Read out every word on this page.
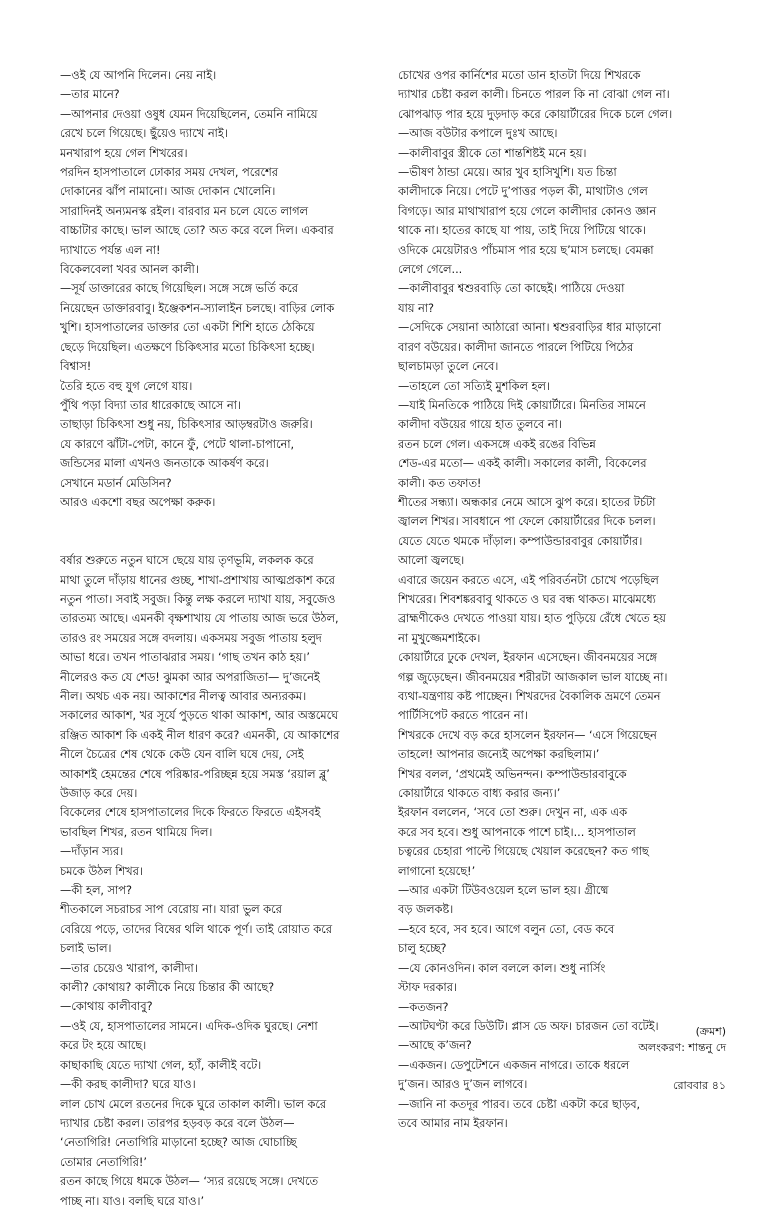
—ওই যে আপনি দিলেন। নেয় নাই।

—তার মানে?

—আপনার দেওয়া ওষুধ যেমন দিয়েছিলেন, তেমনি নামিয়ে

রেখে চলে গিয়েছে। ছুঁয়েও দ্যাখে নাই।

মনখারাপ হয়ে গেল শিখরের।

পরদিন হাসপাতালে ঢোকার সময় দেখল, পরেশের

দোকানের ঝাঁপ নামানো। আজ দোকান খোলেনি।

সারাদিনই অন্যমনস্ক রইল। বারবার মন চলে যেতে লাগল

বাচ্চাটার কাছে। ভাল আছে তো? অত করে বলে দিল। একবার

দ্যাখাতে পর্যন্ত এল না!

বিকেলবেলা খবর আনল কালী।

—সূর্য ডাক্তারের কাছে গিয়েছিল। সঙ্গে সঙ্গে ভর্তি করে

নিয়েছেন ডাক্তারবাবু। ইঞ্জেকশন-স্যালাইন চলছে। বাড়ির লোক

খুশি। হাসপাতালের ডাক্তার তো একটা শিশি হাতে ঠেকিয়ে

ছেড়ে দিয়েছিল। এতক্ষণে চিকিৎসার মতো চিকিৎসা হচ্ছে।

বিশ্বাস!

তৈরি হতে বহু যুগ লেগে যায়।

পুঁথি পড়া বিদ্যা তার ধারেকাছে আসে না।

তাছাড়া চিকিৎসা শুধু নয়, চিকিৎসার আড়ম্বরটাও জরুরি।

যে কারণে ঝাঁটা-পেটা, কানে ফুঁ, পেটে থালা-চাপানো,

জন্ডিসের মালা এখনও জনতাকে আকর্ষণ করে।

সেখানে মডার্ন মেডিসিন?

আরও একশো বছর অপেক্ষা করুক।

বর্ষার শুরুতে নতুন ঘাসে ছেয়ে যায় তৃণভূমি, লকলক করে

মাথা তুলে দাঁড়ায় ধানের গুচ্ছ, শাখা-প্রশাখায় আত্মপ্রকাশ করে

নতুন পাতা। সবাই সবুজ। কিন্তু লক্ষ করলে দ্যাখা যায়, সবুজেও

তারতম্য আছে। এমনকী বৃক্ষশাখায় যে পাতায় আজ ভরে উঠল,

তারও রং সময়ের সঙ্গে বদলায়। একসময় সবুজ পাতায় হলুদ

আভা ধরে। তখন পাতাঝরার সময়। ‘গাছ তখন কাঠ হয়।’

নীলেরও কত যে শেড! ঝুমকা আর অপরাজিতা— দু’জনেই

নীল। অথচ এক নয়। আকাশের নীলত্ব আবার অন্যরকম।

সকালের আকাশ, খর সূর্যে পুড়তে থাকা আকাশ, আর অস্তমেঘে

রঞ্জিত আকাশ কি একই নীল ধারণ করে? এমনকী, যে আকাশের

নীলে চৈত্রের শেষ থেকে কেউ যেন বালি ঘষে দেয়, সেই

আকাশই হেমন্তের শেষে পরিষ্কার-পরিচ্ছন্ন হয়ে সমস্ত ‘রয়াল ব্লু’

উজাড় করে দেয়।

বিকেলের শেষে হাসপাতালের দিকে ফিরতে ফিরতে এইসবই

ভাবছিল শিখর, রতন থামিয়ে দিল।

—দাঁড়ান স্যর।

চমকে উঠল শিখর।

—কী হল, সাপ?

শীতকালে সচরাচর সাপ বেরোয় না। যারা ভুল করে

বেরিয়ে পড়ে, তাদের বিষের থলি থাকে পূর্ণ। তাই রোয়াত করে

চলাই ভাল।

—তার চেয়েও খারাপ, কালীদা।

কালী? কোথায়? কালীকে নিয়ে চিন্তার কী আছে?

—কোথায় কালীবাবু?

—ওই যে, হাসপাতালের সামনে। এদিক-ওদিক ঘুরছে। নেশা

করে টং হয়ে আছে।

কাছাকাছি যেতে দ্যাখা গেল, হ্যাঁ, কালীই বটে।

—কী করছ কালীদা? ঘরে যাও।

লাল চোখ মেলে রতনের দিকে ঘুরে তাকাল কালী। ভাল করে

দ্যাখার চেষ্টা করল। তারপর হড়বড় করে বলে উঠল—

‘নেতাগিরি! নেতাগিরি মাড়ানো হচ্ছে? আজ ঘোচাচ্ছি

তোমার নেতাগিরি!’

রতন কাছে গিয়ে ধমকে উঠল— ‘স্যর রয়েছে সঙ্গে। দেখতে

পাচ্ছ না। যাও। বলছি ঘরে যাও।’

চোখের ওপর কার্নিশের মতো ডান হাতটা দিয়ে শিখরকে

দ্যাখার চেষ্টা করল কালী। চিনতে পারল কি না বোঝা গেল না।

ঝোপঝাড় পার হয়ে দুড়দাড় করে কোয়ার্টারের দিকে চলে গেল।

—আজ বউটার কপালে দুঃখ আছে।

—কালীবাবুর স্ত্রীকে তো শান্তশিষ্টই মনে হয়।

—ভীষণ ঠান্ডা মেয়ে। আর খুব হাসিখুশি। যত চিন্তা

কালীদাকে নিয়ে। পেটে দু’পাত্তর পড়ল কী, মাথাটাও গেল

বিগড়ে। আর মাথাখারাপ হয়ে গেলে কালীদার কোনও জ্ঞান

থাকে না। হাতের কাছে যা পায়, তাই দিয়ে পিটিয়ে থাকে।

ওদিকে মেয়েটারও পাঁচমাস পার হয়ে ছ’মাস চলছে। বেমক্কা

লেগে গেলে...

—কালীবাবুর শ্বশুরবাড়ি তো কাছেই। পাঠিয়ে দেওয়া

যায় না?

—সেদিকে সেয়ানা আঠারো আনা। শ্বশুরবাড়ির ধার মাড়ানো

বারণ বউয়ের। কালীদা জানতে পারলে পিটিয়ে পিঠের

ছালচামড়া তুলে নেবে।

—তাহলে তো সত্যিই মুশকিল হল।

—যাই মিনতিকে পাঠিয়ে দিই কোয়ার্টারে। মিনতির সামনে

কালীদা বউয়ের গায়ে হাত তুলবে না।

রতন চলে গেল। একসঙ্গে একই রঙের বিভিন্ন

শেড-এর মতো— একই কালী। সকালের কালী, বিকেলের

কালী। কত তফাত!

শীতের সন্ধ্যা। অন্ধকার নেমে আসে ঝুপ করে। হাতের টর্চটা

জ্বালল শিখর। সাবধানে পা ফেলে কোয়ার্টারের দিকে চলল।

যেতে যেতে থমকে দাঁড়াল। কম্পাউন্ডারবাবুর কোয়ার্টার।

আলো জ্বলছে।

এবারে জয়েন করতে এসে, এই পরিবর্তনটা চোখে পড়েছিল

শিখরের। শিবশঙ্করবাবু থাকতে ও ঘর বন্ধ থাকত। মাঝেমধ্যে

ব্রাহ্মণীকেও দেখতে পাওয়া যায়। হাত পুড়িয়ে রেঁধে খেতে হয়

না মুখুজ্জেমশাইকে।

কোয়ার্টারে ঢুকে দেখল, ইরফান এসেছেন। জীবনময়ের সঙ্গে

গল্প জুড়েছেন। জীবনময়ের শরীরটা আজকাল ভাল যাচ্ছে না।

ব্যথা-যন্ত্রণায় কষ্ট পাচ্ছেন। শিখরদের বৈকালিক ভ্রমণে তেমন

পার্টিসিপেট করতে পারেন না।

শিখরকে দেখে বড় করে হাসলেন ইরফান— ‘এসে গিয়েছেন

তাহলে! আপনার জন্যেই অপেক্ষা করছিলাম।’

শিখর বলল, ‘প্রথমেই অভিনন্দন। কম্পাউন্ডারবাবুকে

কোয়ার্টারে থাকতে বাধ্য করার জন্য।’

ইরফান বললেন, ‘সবে তো শুরু। দেখুন না, এক এক

করে সব হবে। শুধু আপনাকে পাশে চাই।... হাসপাতাল

চত্বরের চেহারা পাল্টে গিয়েছে খেয়াল করেছেন? কত গাছ

লাগানো হয়েছে!’

—আর একটা টিউবওয়েল হলে ভাল হয়। গ্রীষ্মে

বড় জলকষ্ট।

—হবে হবে, সব হবে। আগে বলুন তো, বেড কবে

চালু হচ্ছে?

—যে কোনওদিন। কাল বললে কাল। শুধু নার্সিং

স্টাফ দরকার।

—কতজন?

—আটঘণ্টা করে ডিউটি। প্লাস ডে অফ। চারজন তো বটেই।

—আছে ক’জন?

—একজন। ডেপুটেশনে একজন নাগরে। তাকে ধরলে

দু’জন। আরও দু’জন লাগবে।

—জানি না কতদূর পারব। তবে চেষ্টা একটা করে ছাড়ব,

তবে আমার নাম ইরফান।

(ক্রমশ)
অলংকরণ: শান্তনু দে
রোববার ৪১
